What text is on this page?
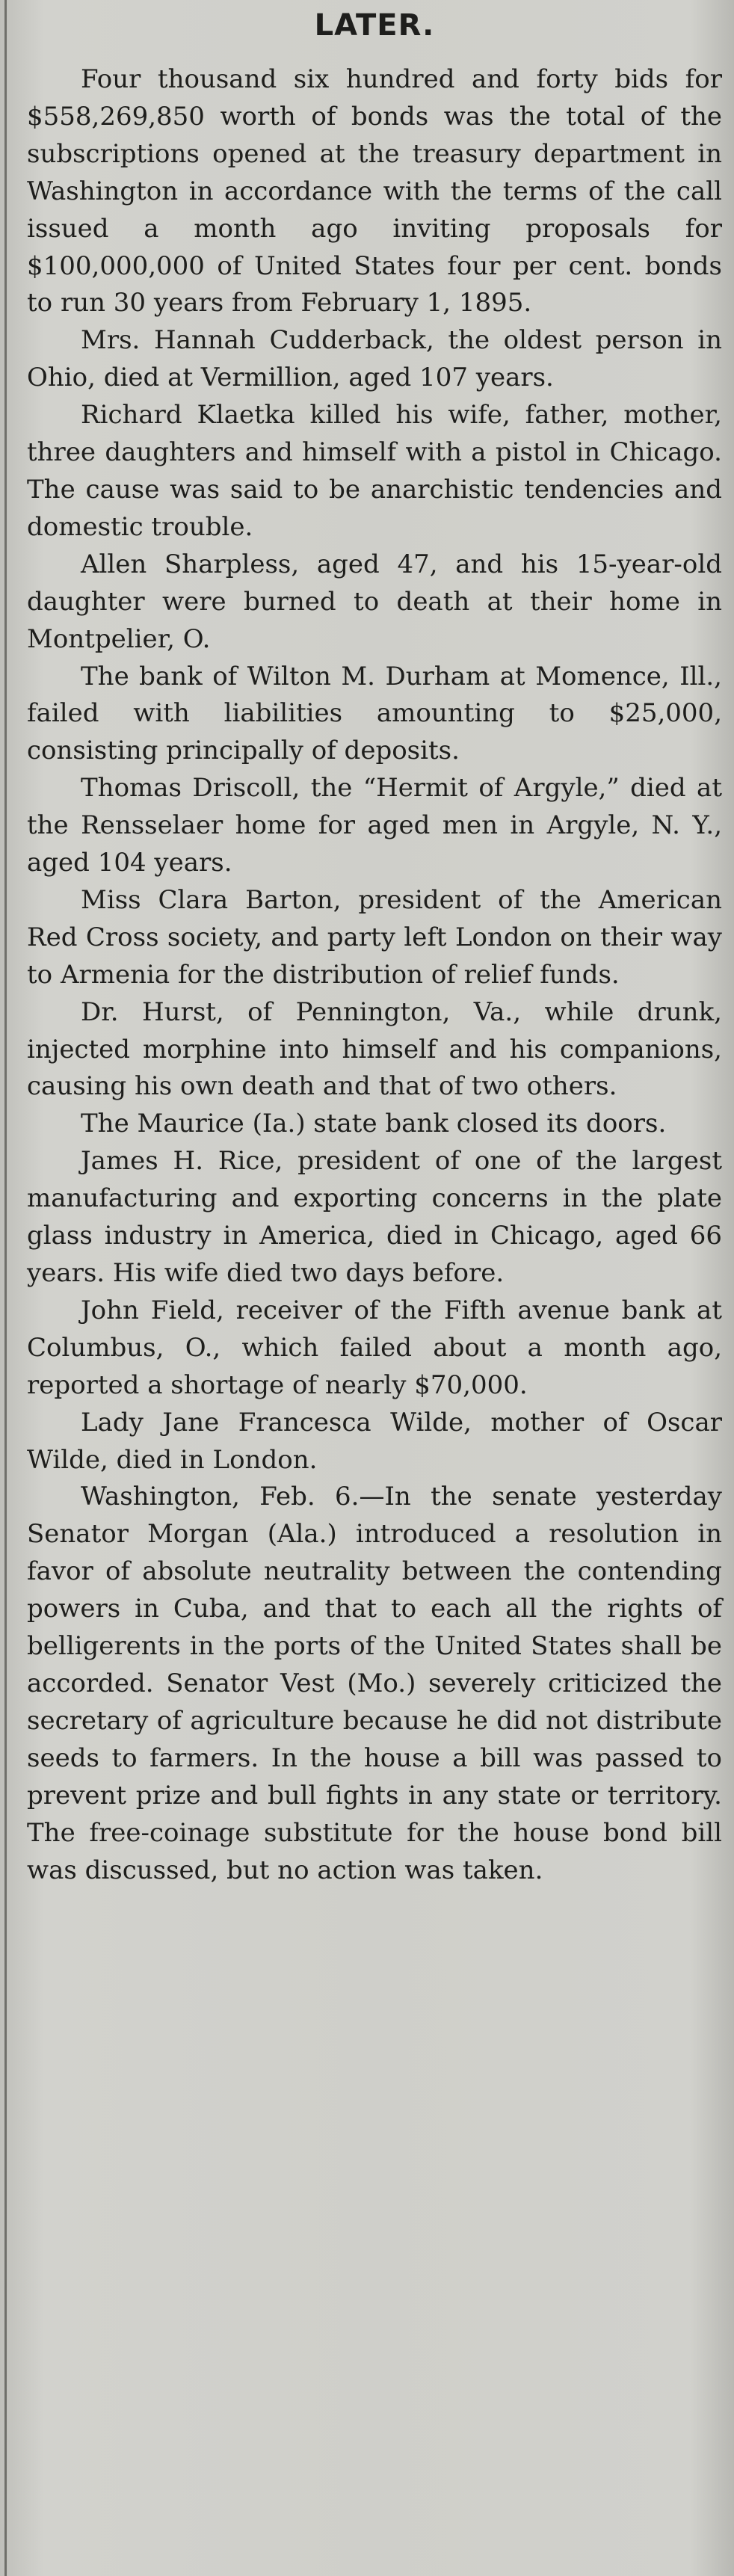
LATER.

Four thousand six hundred and forty bids for $558,269,850 worth of bonds was the total of the subscriptions opened at the treasury department in Washington in accordance with the terms of the call issued a month ago inviting proposals for $100,000,000 of United States four per cent. bonds to run 30 years from February 1, 1895.

Mrs. Hannah Cudderback, the oldest person in Ohio, died at Vermillion, aged 107 years.

Richard Klaetka killed his wife, father, mother, three daughters and himself with a pistol in Chicago. The cause was said to be anarchistic tendencies and domestic trouble.

Allen Sharpless, aged 47, and his 15-year-old daughter were burned to death at their home in Montpelier, O.

The bank of Wilton M. Durham at Momence, Ill., failed with liabilities amounting to $25,000, consisting principally of deposits.

Thomas Driscoll, the “Hermit of Argyle,” died at the Rensselaer home for aged men in Argyle, N. Y., aged 104 years.

Miss Clara Barton, president of the American Red Cross society, and party left London on their way to Armenia for the distribution of relief funds.

Dr. Hurst, of Pennington, Va., while drunk, injected morphine into himself and his companions, causing his own death and that of two others.

The Maurice (Ia.) state bank closed its doors.

James H. Rice, president of one of the largest manufacturing and exporting concerns in the plate glass industry in America, died in Chicago, aged 66 years. His wife died two days before.

John Field, receiver of the Fifth avenue bank at Columbus, O., which failed about a month ago, reported a shortage of nearly $70,000.

Lady Jane Francesca Wilde, mother of Oscar Wilde, died in London.

Washington, Feb. 6.—In the senate yesterday Senator Morgan (Ala.) introduced a resolution in favor of absolute neutrality between the contending powers in Cuba, and that to each all the rights of belligerents in the ports of the United States shall be accorded. Senator Vest (Mo.) severely criticized the secretary of agriculture because he did not distribute seeds to farmers. In the house a bill was passed to prevent prize and bull fights in any state or territory. The free-coinage substitute for the house bond bill was discussed, but no action was taken.
